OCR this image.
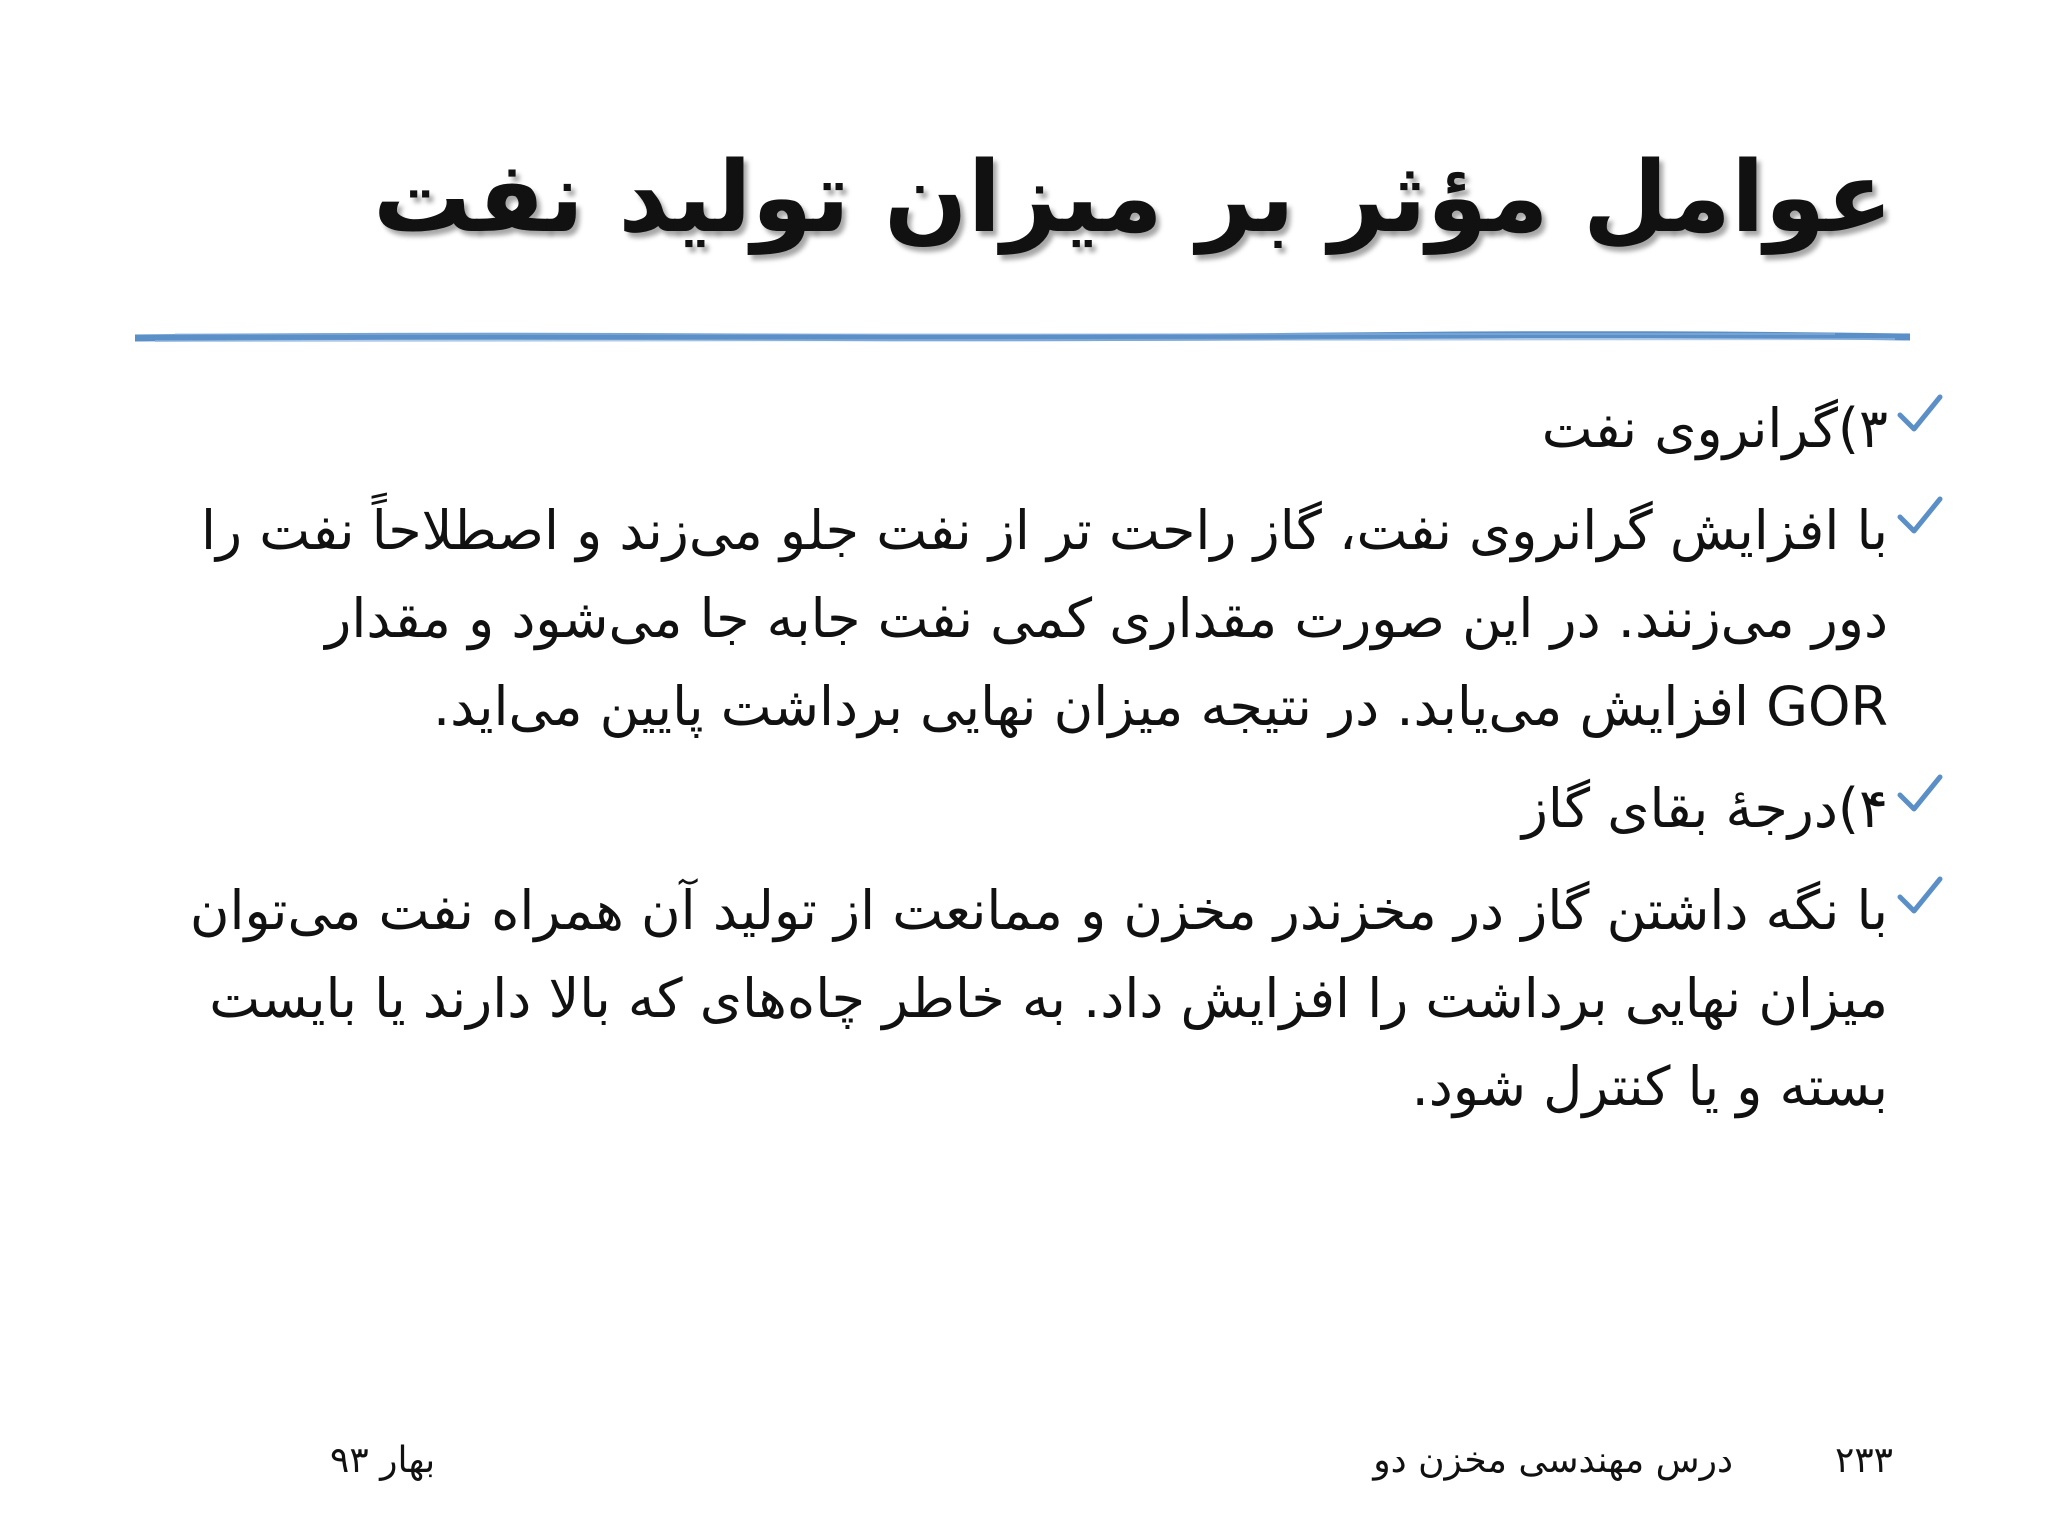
عوامل مؤثر بر میزان تولید نفت
۳)گرانروی نفت
با افزایش گرانروی نفت، گاز راحت تر از نفت جلو می‌زند و اصطلاحاً نفت را دور می‌زنند. در این صورت مقداری کمی نفت جابه جا می‌شود و مقدار GOR افزایش می‌یابد. در نتیجه میزان نهایی برداشت پایین می‌اید.
۴)درجۀ بقای گاز
با نگه داشتن گاز در مخزندر مخزن و ممانعت از تولید آن همراه نفت می‌توان میزان نهایی برداشت را افزایش داد. به خاطر چاه‌های که بالا دارند یا بایست بسته و یا کنترل شود.
۲۳۳
درس مهندسی مخزن دو
بهار ۹۳
